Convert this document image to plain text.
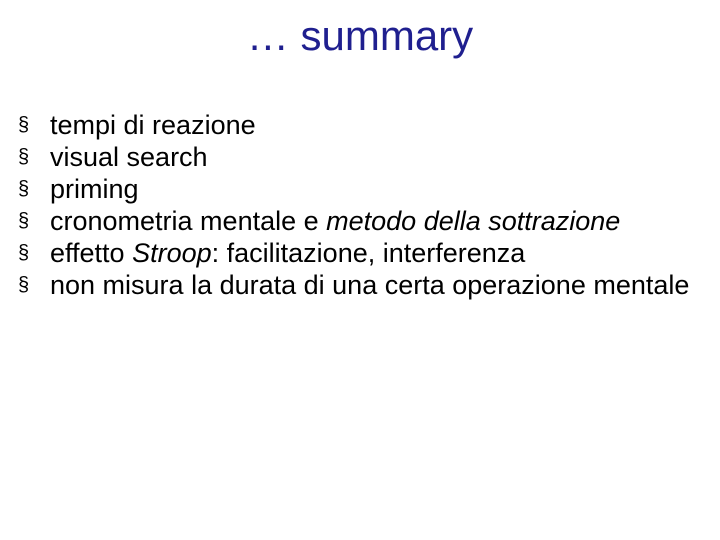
… summary
§ tempi di reazione
§ visual search
§ priming
§ cronometria mentale e metodo della sottrazione
§ effetto Stroop: facilitazione, interferenza
§ non misura la durata di una certa operazione mentale
